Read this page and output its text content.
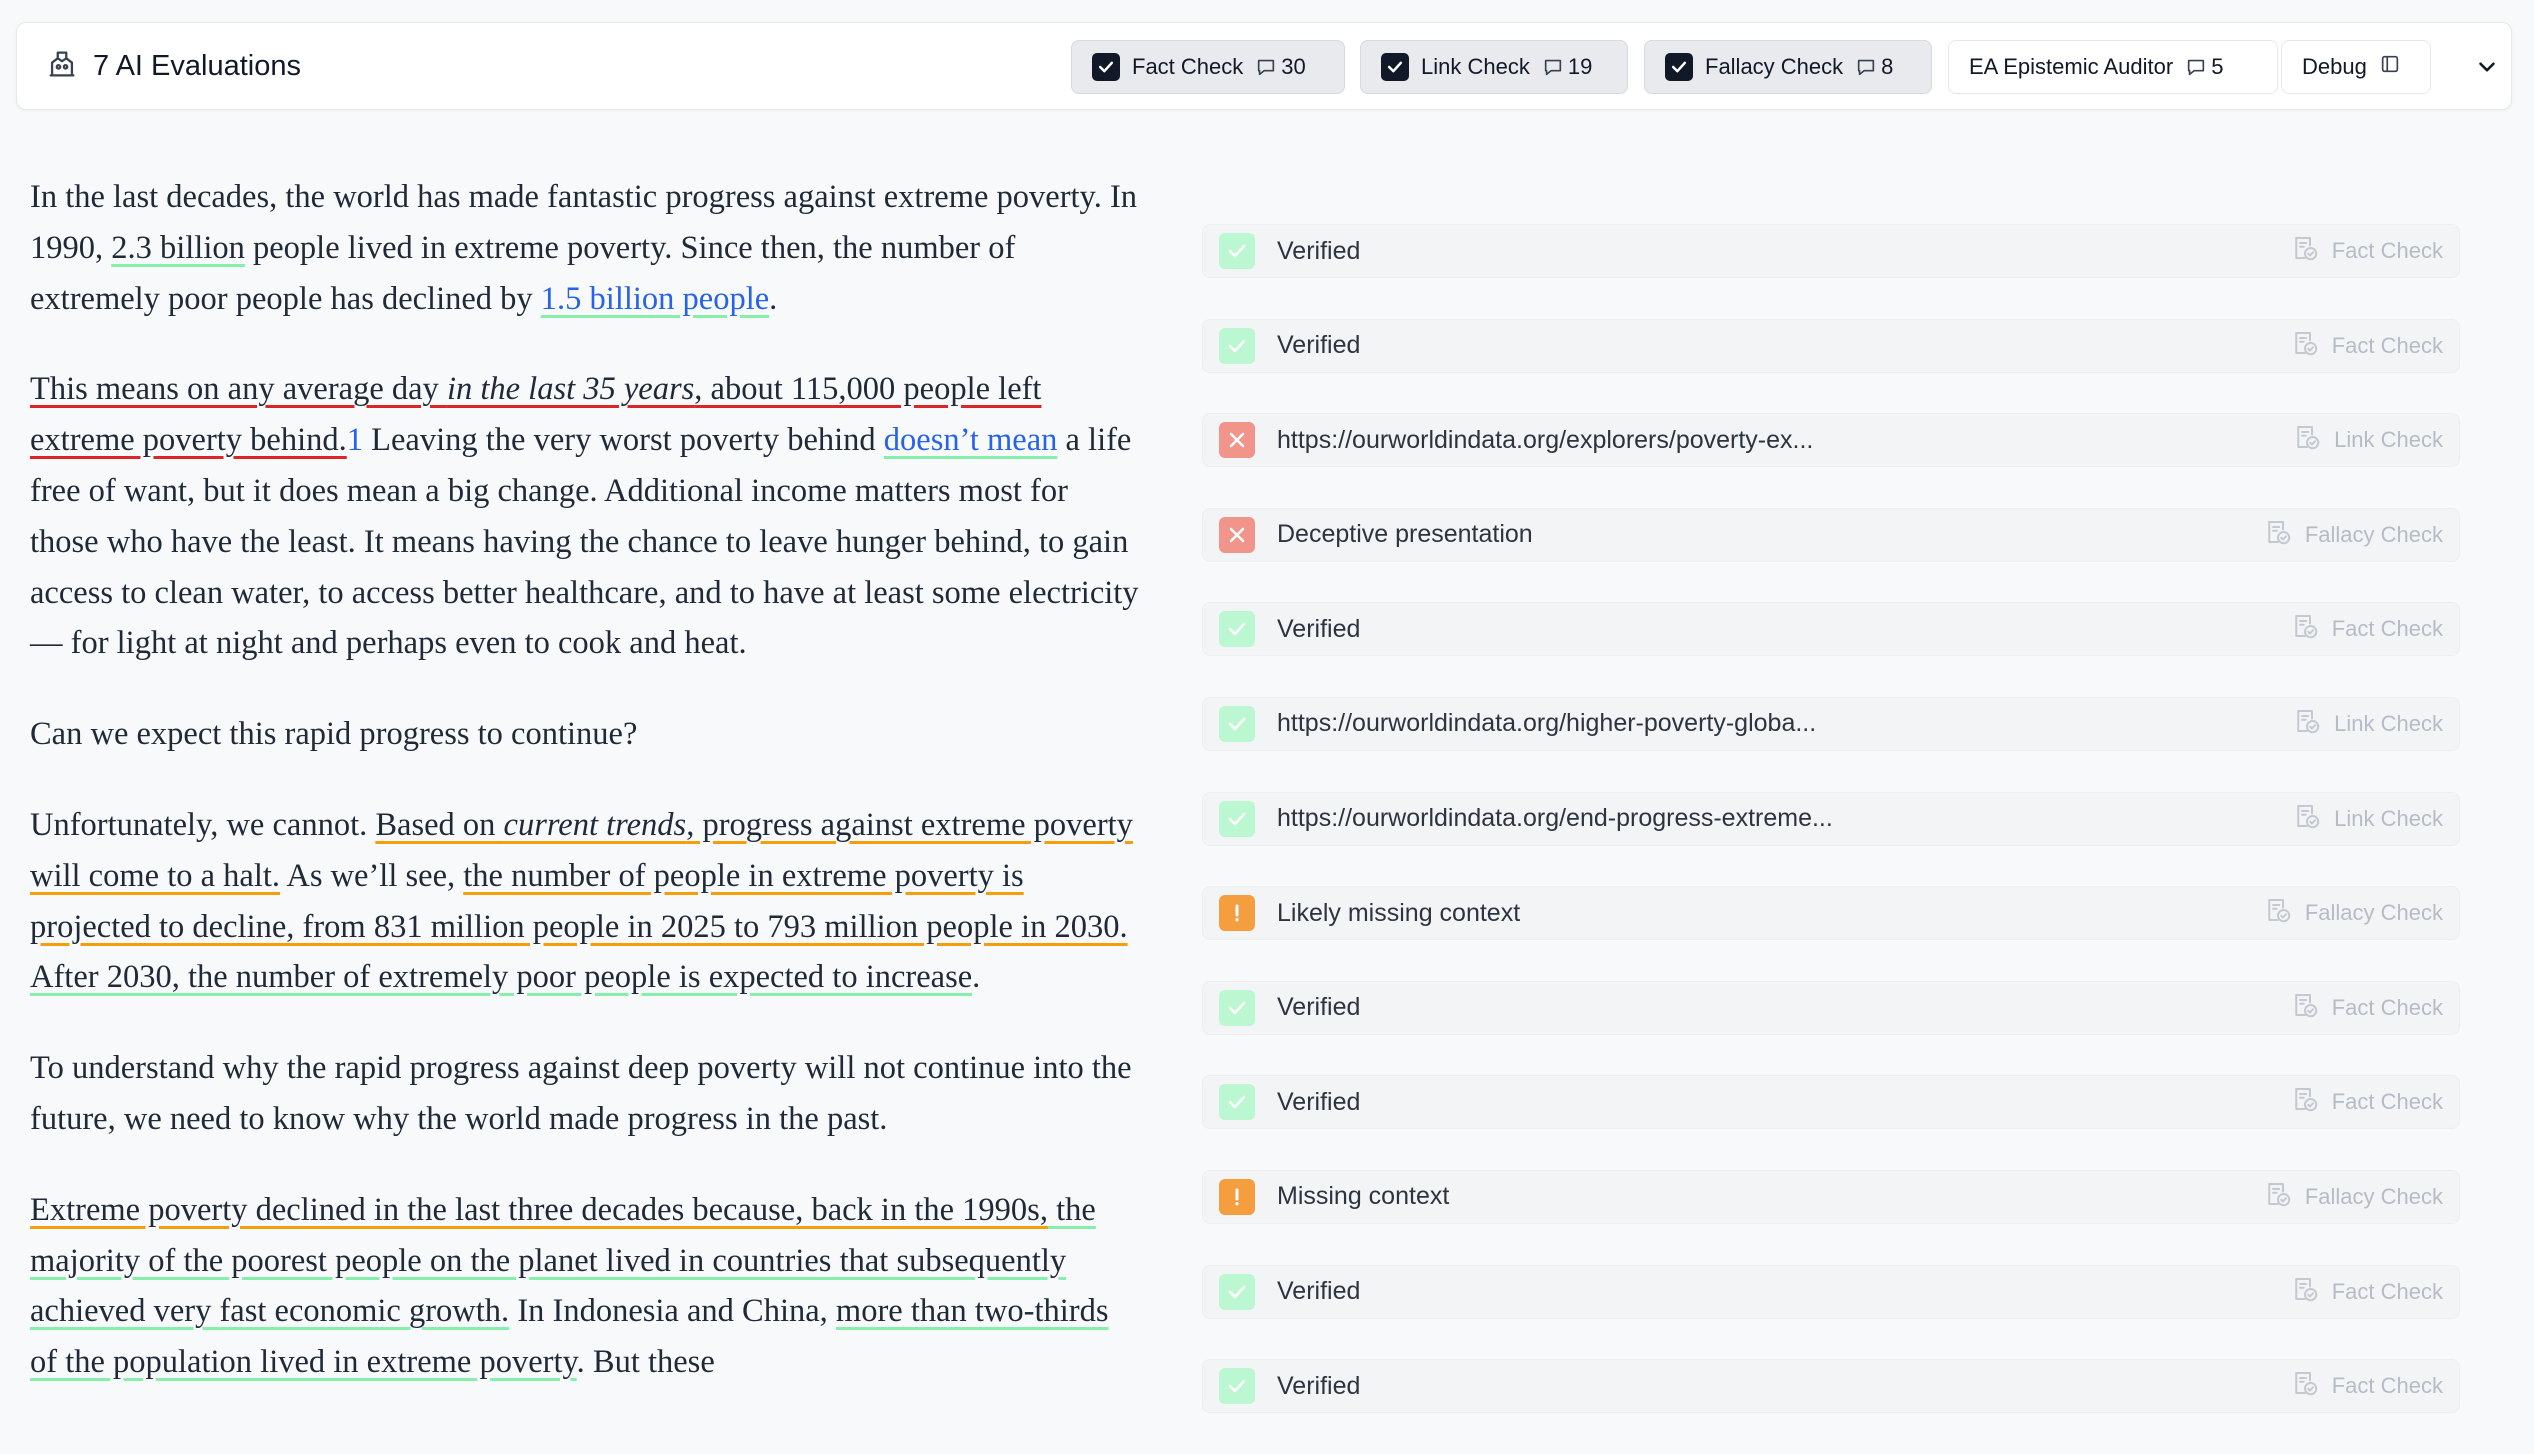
7 AI Evaluations	Fact Check 30	Link Check 19	Fallacy Check 8	EA Epistemic Auditor 5	Debug

In the last decades, the world has made fantastic progress against extreme poverty. In 1990, 2.3 billion people lived in extreme poverty. Since then, the number of extremely poor people has declined by 1.5 billion people.

This means on any average day in the last 35 years, about 115,000 people left extreme poverty behind.1 Leaving the very worst poverty behind doesn’t mean a life free of want, but it does mean a big change. Additional income matters most for those who have the least. It means having the chance to leave hunger behind, to gain access to clean water, to access better healthcare, and to have at least some electricity — for light at night and perhaps even to cook and heat.

Can we expect this rapid progress to continue?

Unfortunately, we cannot. Based on current trends, progress against extreme poverty will come to a halt. As we’ll see, the number of people in extreme poverty is projected to decline, from 831 million people in 2025 to 793 million people in 2030. After 2030, the number of extremely poor people is expected to increase.

To understand why the rapid progress against deep poverty will not continue into the future, we need to know why the world made progress in the past.

Extreme poverty declined in the last three decades because, back in the 1990s, the majority of the poorest people on the planet lived in countries that subsequently achieved very fast economic growth. In Indonesia and China, more than two-thirds of the population lived in extreme poverty. But these

Verified	Fact Check
Verified	Fact Check
https://ourworldindata.org/explorers/poverty-ex...	Link Check
Deceptive presentation	Fallacy Check
Verified	Fact Check
https://ourworldindata.org/higher-poverty-globa...	Link Check
https://ourworldindata.org/end-progress-extreme...	Link Check
Likely missing context	Fallacy Check
Verified	Fact Check
Verified	Fact Check
Missing context	Fallacy Check
Verified	Fact Check
Verified	Fact Check
